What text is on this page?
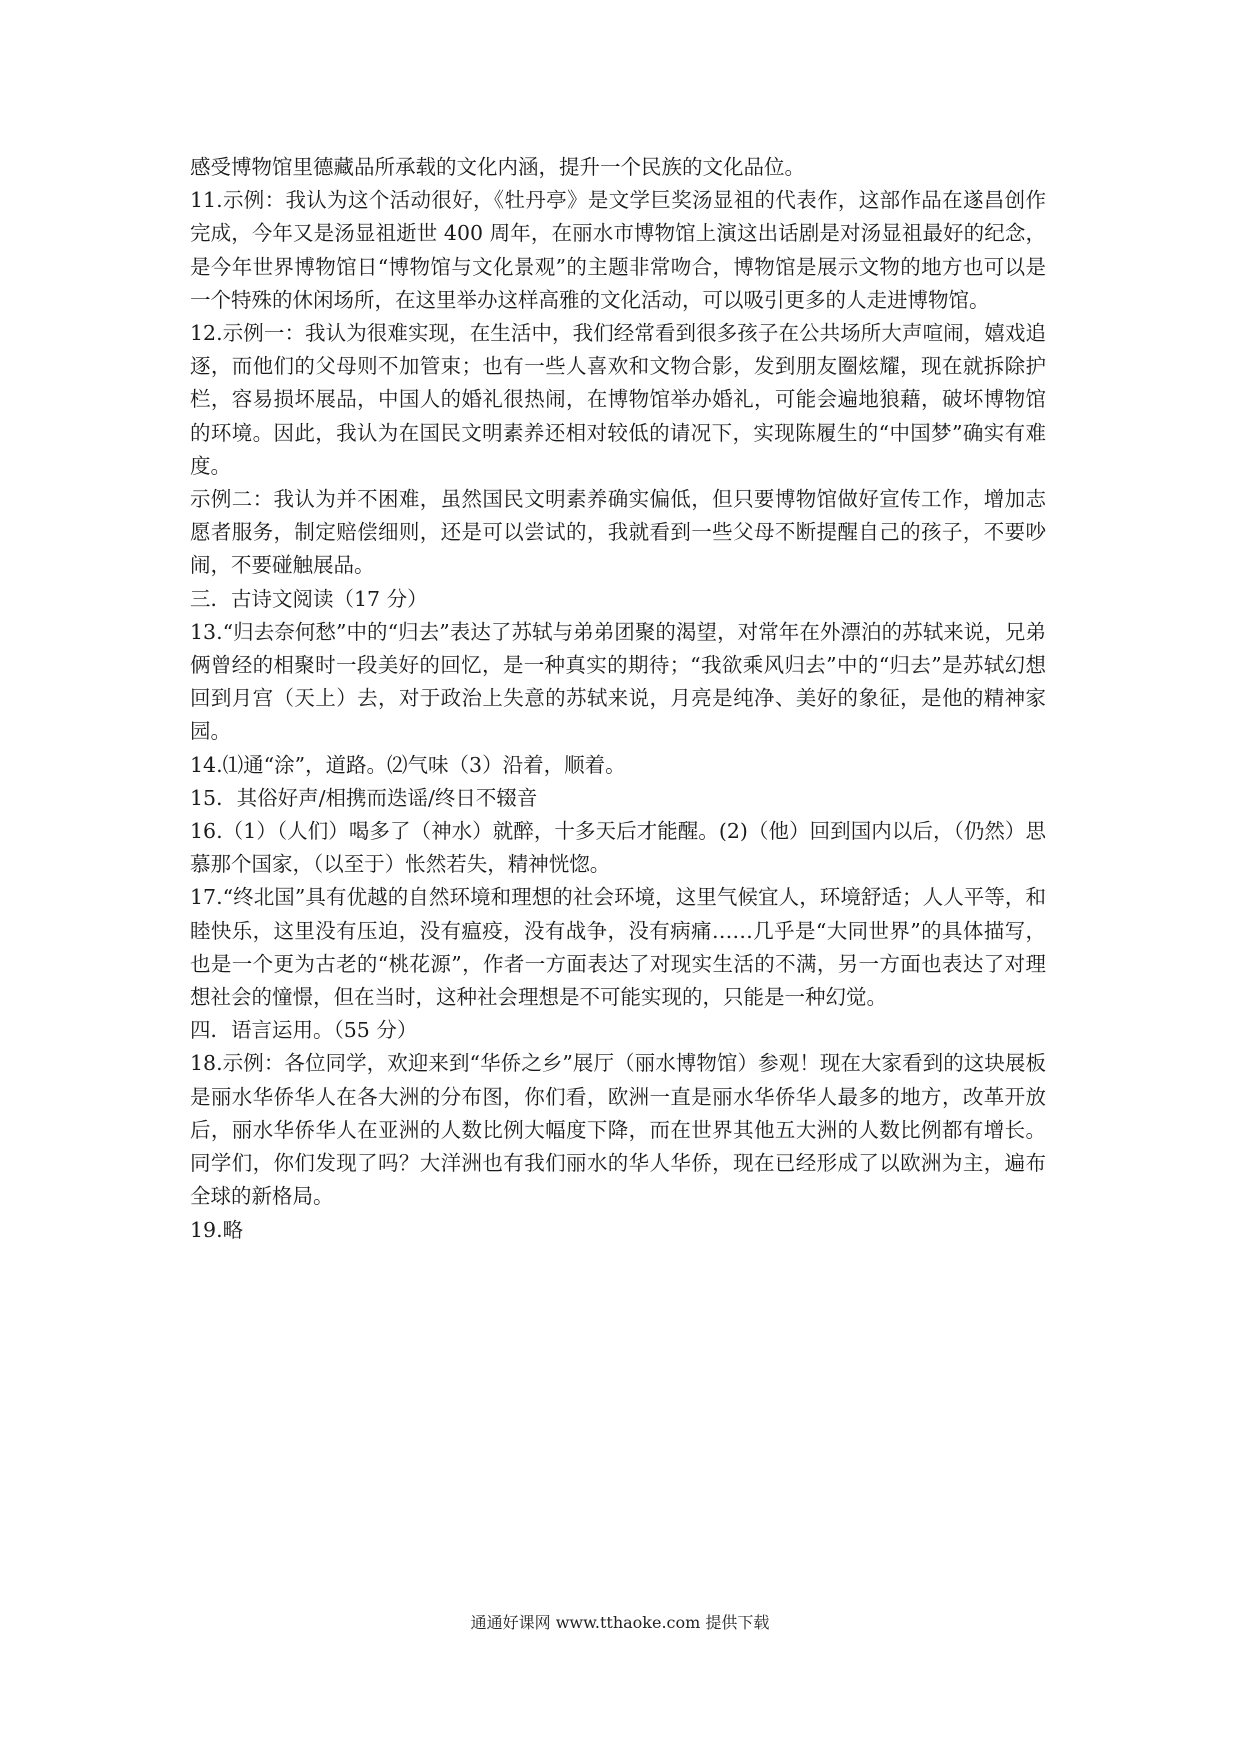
感受博物馆里德藏品所承载的文化内涵，提升一个民族的文化品位。

11.示例：我认为这个活动很好，《牡丹亭》是文学巨奖汤显祖的代表作，这部作品在遂昌创作完成，今年又是汤显祖逝世 400 周年，在丽水市博物馆上演这出话剧是对汤显祖最好的纪念，是今年世界博物馆日“博物馆与文化景观”的主题非常吻合，博物馆是展示文物的地方也可以是一个特殊的休闲场所，在这里举办这样高雅的文化活动，可以吸引更多的人走进博物馆。

12.示例一：我认为很难实现，在生活中，我们经常看到很多孩子在公共场所大声喧闹，嬉戏追逐，而他们的父母则不加管束；也有一些人喜欢和文物合影，发到朋友圈炫耀，现在就拆除护栏，容易损坏展品，中国人的婚礼很热闹，在博物馆举办婚礼，可能会遍地狼藉，破坏博物馆的环境。因此，我认为在国民文明素养还相对较低的请况下，实现陈履生的“中国梦”确实有难度。

示例二：我认为并不困难，虽然国民文明素养确实偏低，但只要博物馆做好宣传工作，增加志愿者服务，制定赔偿细则，还是可以尝试的，我就看到一些父母不断提醒自己的孩子，不要吵闹，不要碰触展品。

三．古诗文阅读（17 分）

13.“归去奈何愁”中的“归去”表达了苏轼与弟弟团聚的渴望，对常年在外漂泊的苏轼来说，兄弟俩曾经的相聚时一段美好的回忆，是一种真实的期待；“我欲乘风归去”中的“归去”是苏轼幻想回到月宫（天上）去，对于政治上失意的苏轼来说，月亮是纯净、美好的象征，是他的精神家园。

14.⑴通“涂”，道路。⑵气味（3）沿着，顺着。

15．其俗好声/相携而迭谣/终日不辍音

16.（1）（人们）喝多了（神水）就醉，十多天后才能醒。(2)（他）回到国内以后，（仍然）思慕那个国家，（以至于）怅然若失，精神恍惚。

17.“终北国”具有优越的自然环境和理想的社会环境，这里气候宜人，环境舒适；人人平等，和睦快乐，这里没有压迫，没有瘟疫，没有战争，没有病痛……几乎是“大同世界”的具体描写，也是一个更为古老的“桃花源”，作者一方面表达了对现实生活的不满，另一方面也表达了对理想社会的憧憬，但在当时，这种社会理想是不可能实现的，只能是一种幻觉。

四．语言运用。（55 分）

18.示例：各位同学，欢迎来到“华侨之乡”展厅（丽水博物馆）参观！现在大家看到的这块展板是丽水华侨华人在各大洲的分布图，你们看，欧洲一直是丽水华侨华人最多的地方，改革开放后，丽水华侨华人在亚洲的人数比例大幅度下降，而在世界其他五大洲的人数比例都有增长。同学们，你们发现了吗？大洋洲也有我们丽水的华人华侨，现在已经形成了以欧洲为主，遍布全球的新格局。

19.略

通通好课网 www.tthaoke.com 提供下载
